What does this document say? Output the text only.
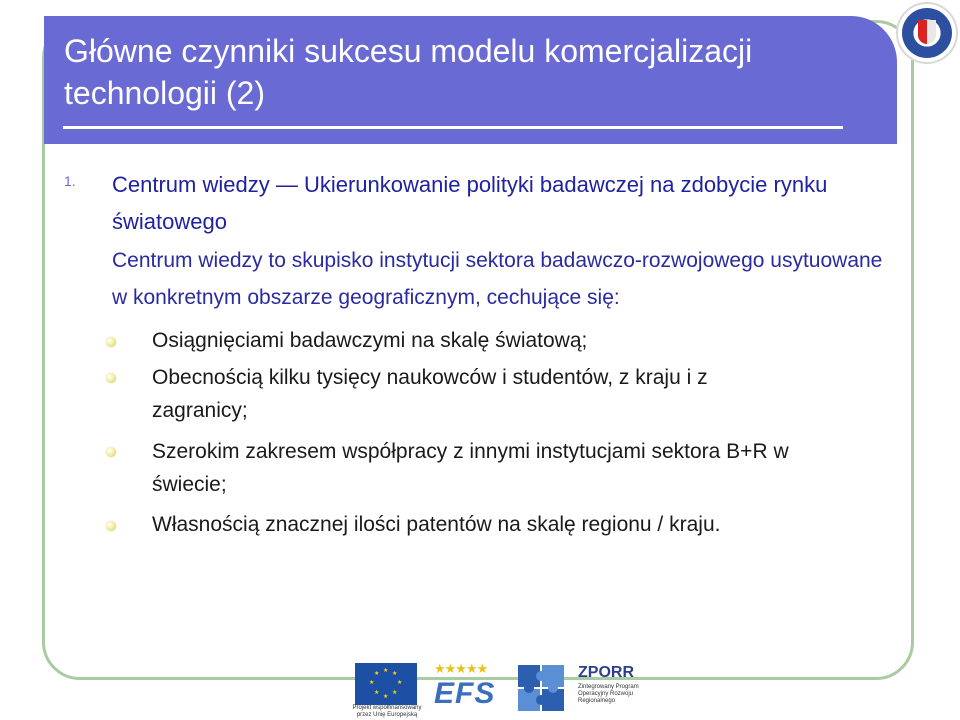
Główne czynniki sukcesu modelu komercjalizacji technologii (2)
1. Centrum wiedzy — Ukierunkowanie polityki badawczej na zdobycie rynku światowego
Centrum wiedzy to skupisko instytucji sektora badawczo-rozwojowego usytuowane w konkretnym obszarze geograficznym, cechujące się:
Osiągnięciami badawczymi na skalę światową;
Obecnością kilku tysięcy naukowców i studentów, z kraju i z zagranicy;
Szerokim zakresem współpracy z innymi instytucjami sektora B+R w świecie;
Własnością znacznej ilości patentów na skalę regionu / kraju.
★ ★
★
★
★
★
★
★
Projekt współfinansowany przez Unię Europejską
★★★★★
EFS
ZPORR
Zintegrowany Program Operacyjny Rozwoju Regionalnego
